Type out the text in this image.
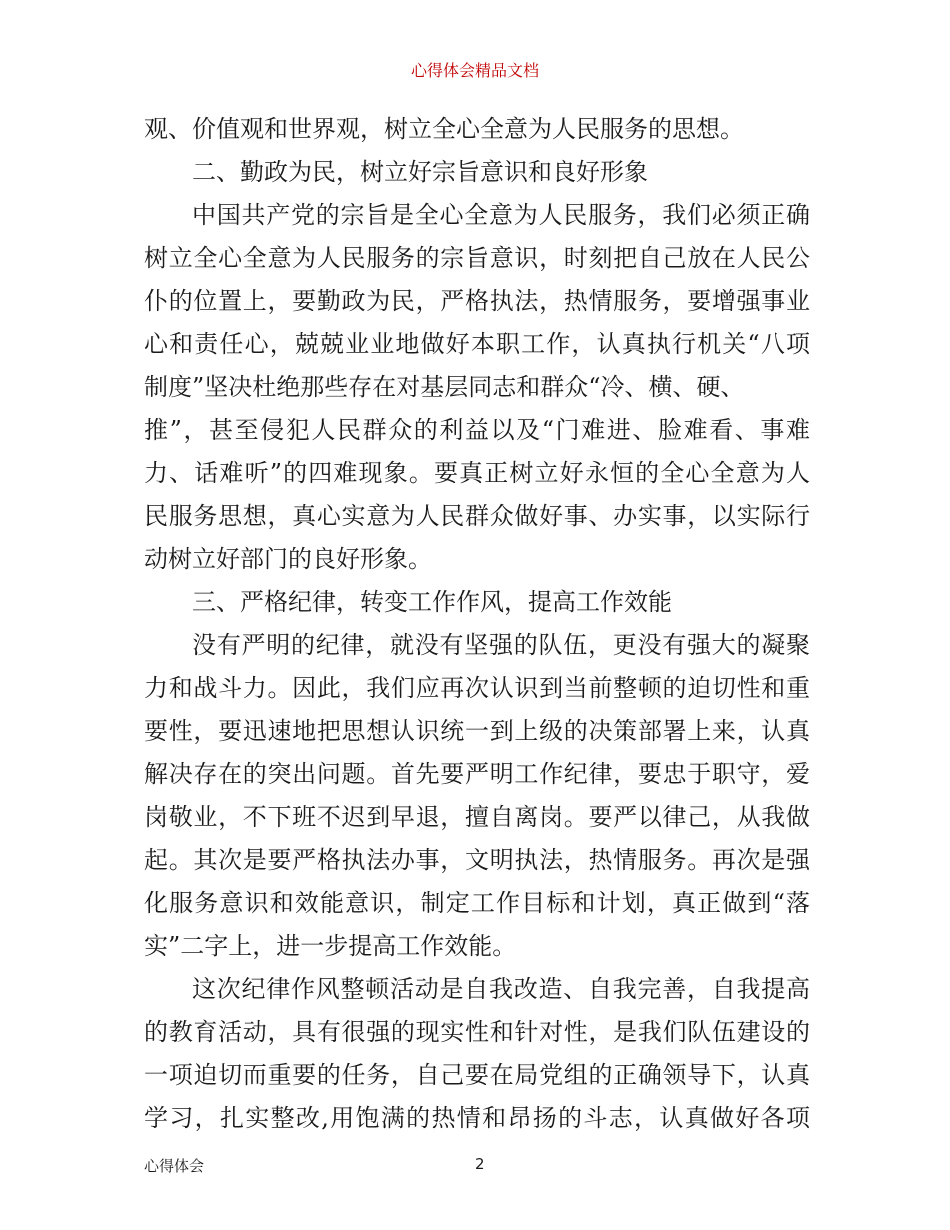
心得体会精品文档
观、价值观和世界观，树立全心全意为人民服务的思想。
二、勤政为民，树立好宗旨意识和良好形象
中国共产党的宗旨是全心全意为人民服务，我们必须正确
树立全心全意为人民服务的宗旨意识，时刻把自己放在人民公
仆的位置上，要勤政为民，严格执法，热情服务，要增强事业
心和责任心，兢兢业业地做好本职工作，认真执行机关“八项
制度”坚决杜绝那些存在对基层同志和群众“冷、横、硬、
推”，甚至侵犯人民群众的利益以及“门难进、脸难看、事难
力、话难听”的四难现象。要真正树立好永恒的全心全意为人
民服务思想，真心实意为人民群众做好事、办实事，以实际行
动树立好部门的良好形象。
三、严格纪律，转变工作作风，提高工作效能
没有严明的纪律，就没有坚强的队伍，更没有强大的凝聚
力和战斗力。因此，我们应再次认识到当前整顿的迫切性和重
要性，要迅速地把思想认识统一到上级的决策部署上来，认真
解决存在的突出问题。首先要严明工作纪律，要忠于职守，爱
岗敬业，不下班不迟到早退，擅自离岗。要严以律己，从我做
起。其次是要严格执法办事，文明执法，热情服务。再次是强
化服务意识和效能意识，制定工作目标和计划，真正做到“落
实”二字上，进一步提高工作效能。
这次纪律作风整顿活动是自我改造、自我完善，自我提高
的教育活动，具有很强的现实性和针对性，是我们队伍建设的
一项迫切而重要的任务，自己要在局党组的正确领导下，认真
学习，扎实整改,用饱满的热情和昂扬的斗志，认真做好各项
心得体会	2
